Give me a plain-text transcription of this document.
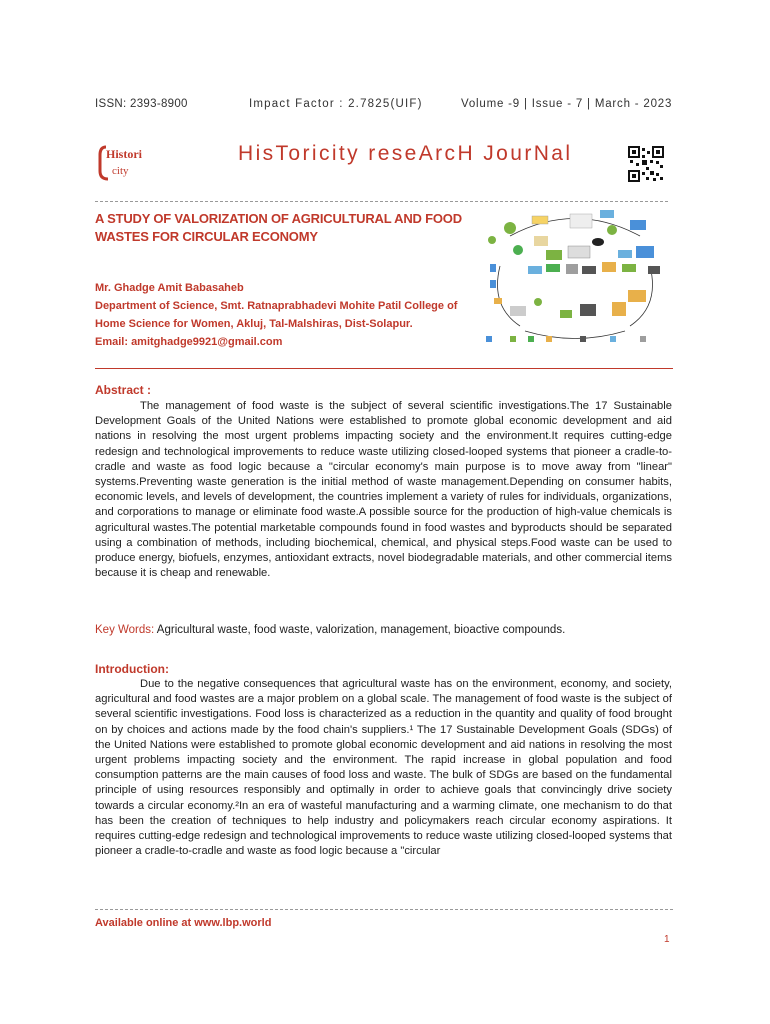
ISSN: 2393-8900	Impact Factor : 2.7825(UIF)	Volume -9 | Issue - 7 | March - 2023
Histori
city
HisToricity reseArcH JourNal
A STUDY OF VALORIZATION OF AGRICULTURAL AND FOOD WASTES FOR CIRCULAR ECONOMY
Mr. Ghadge Amit Babasaheb
Department of Science, Smt. Ratnaprabhadevi Mohite Patil College of Home Science for Women, Akluj, Tal-Malshiras, Dist-Solapur.
Email: amitghadge9921@gmail.com
Abstract :
The management of food waste is the subject of several scientific investigations.The 17 Sustainable Development Goals of the United Nations were established to promote global economic development and aid nations in resolving the most urgent problems impacting society and the environment.It requires cutting-edge redesign and technological improvements to reduce waste utilizing closed-looped systems that pioneer a cradle-to-cradle and waste as food logic because a "circular economy's main purpose is to move away from "linear" systems.Preventing waste generation is the initial method of waste management.Depending on consumer habits, economic levels, and levels of development, the countries implement a variety of rules for individuals, organizations, and corporations to manage or eliminate food waste.A possible source for the production of high-value chemicals is agricultural wastes.The potential marketable compounds found in food wastes and byproducts should be separated using a combination of methods, including biochemical, chemical, and physical steps.Food waste can be used to produce energy, biofuels, enzymes, antioxidant extracts, novel biodegradable materials, and other commercial items because it is cheap and renewable.
Key Words: Agricultural waste, food waste, valorization, management, bioactive compounds.
Introduction:
Due to the negative consequences that agricultural waste has on the environment, economy, and society, agricultural and food wastes are a major problem on a global scale. The management of food waste is the subject of several scientific investigations. Food loss is characterized as a reduction in the quantity and quality of food brought on by choices and actions made by the food chain's suppliers.¹ The 17 Sustainable Development Goals (SDGs) of the United Nations were established to promote global economic development and aid nations in resolving the most urgent problems impacting society and the environment. The rapid increase in global population and food consumption patterns are the main causes of food loss and waste. The bulk of SDGs are based on the fundamental principle of using resources responsibly and optimally in order to achieve goals that convincingly drive society towards a circular economy.²In an era of wasteful manufacturing and a warming climate, one mechanism to do that has been the creation of techniques to help industry and policymakers reach circular economy aspirations. It requires cutting-edge redesign and technological improvements to reduce waste utilizing closed-looped systems that pioneer a cradle-to-cradle and waste as food logic because a "circular
Available online at www.lbp.world
1
